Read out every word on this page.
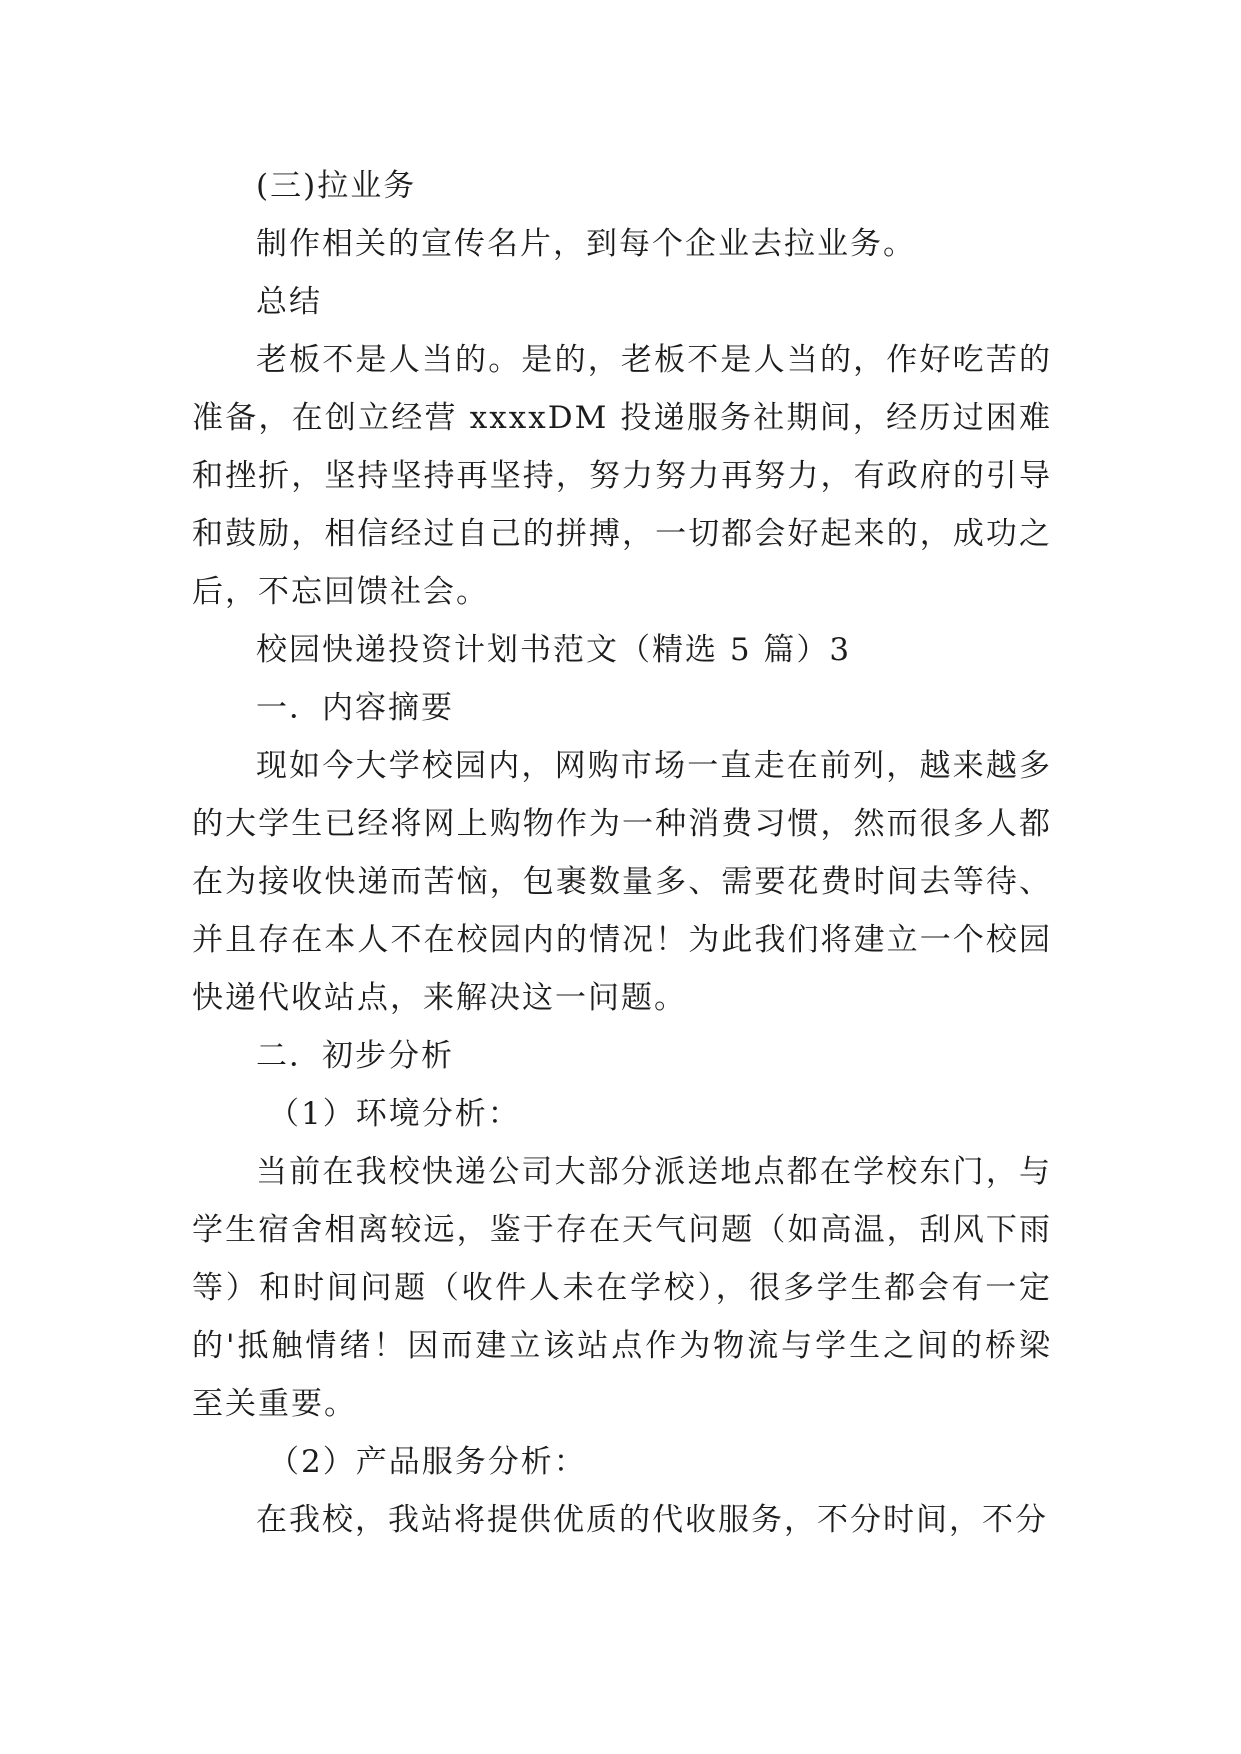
(三)拉业务

制作相关的宣传名片，到每个企业去拉业务。

总结

老板不是人当的。是的，老板不是人当的，作好吃苦的准备，在创立经营 xxxxDM 投递服务社期间，经历过困难和挫折，坚持坚持再坚持，努力努力再努力，有政府的引导和鼓励，相信经过自己的拼搏，一切都会好起来的，成功之后，不忘回馈社会。

校园快递投资计划书范文（精选 5 篇）3

一．内容摘要

现如今大学校园内，网购市场一直走在前列，越来越多的大学生已经将网上购物作为一种消费习惯，然而很多人都在为接收快递而苦恼，包裹数量多、需要花费时间去等待、并且存在本人不在校园内的情况！为此我们将建立一个校园快递代收站点，来解决这一问题。

二．初步分析

（1）环境分析：

当前在我校快递公司大部分派送地点都在学校东门，与学生宿舍相离较远，鉴于存在天气问题（如高温，刮风下雨等）和时间问题（收件人未在学校），很多学生都会有一定的'抵触情绪！因而建立该站点作为物流与学生之间的桥梁至关重要。

（2）产品服务分析：

在我校，我站将提供优质的代收服务，不分时间，不分
